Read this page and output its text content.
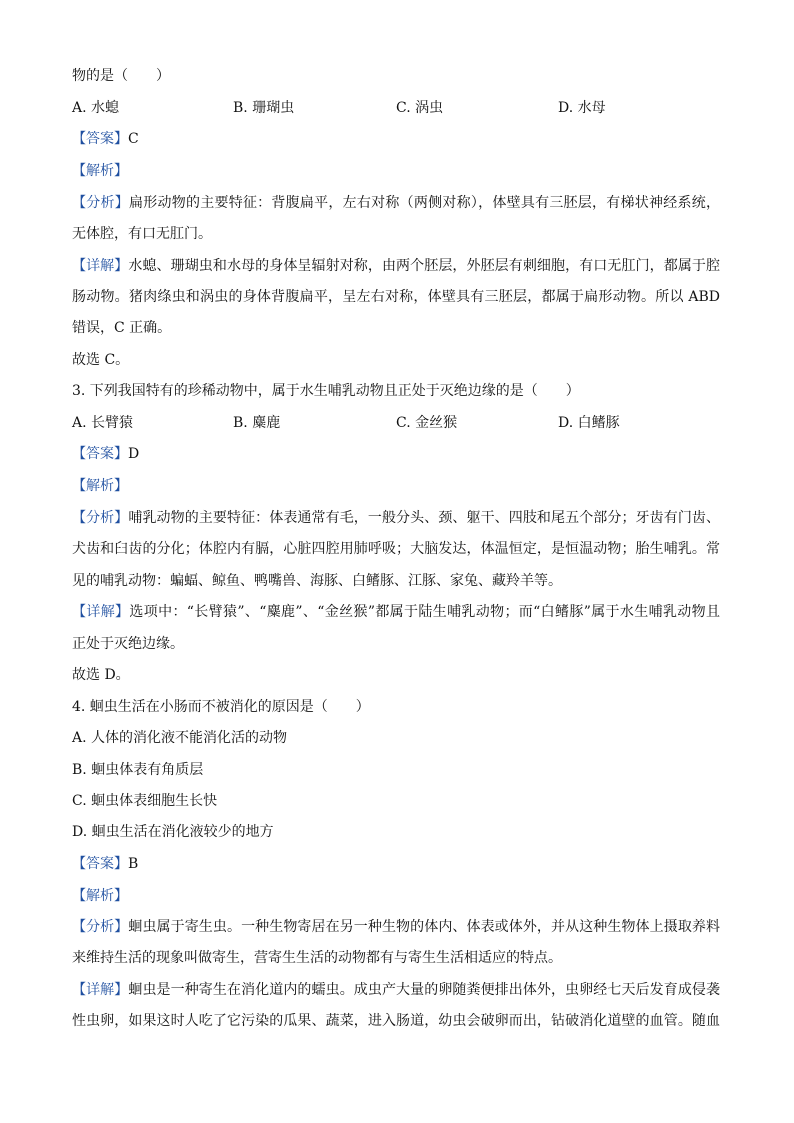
物的是（　　）
A. 水螅	B. 珊瑚虫	C. 涡虫	D. 水母
【答案】C
【解析】
【分析】扁形动物的主要特征：背腹扁平，左右对称（两侧对称），体壁具有三胚层，有梯状神经系统，
无体腔，有口无肛门。
【详解】水螅、珊瑚虫和水母的身体呈辐射对称，由两个胚层，外胚层有刺细胞，有口无肛门，都属于腔
肠动物。猪肉绦虫和涡虫的身体背腹扁平，呈左右对称，体壁具有三胚层，都属于扁形动物。所以 ABD
错误，C 正确。
故选 C。
3. 下列我国特有的珍稀动物中，属于水生哺乳动物且正处于灭绝边缘的是（　　）
A. 长臂猿	B. 麋鹿	C. 金丝猴	D. 白鳍豚
【答案】D
【解析】
【分析】哺乳动物的主要特征：体表通常有毛，一般分头、颈、躯干、四肢和尾五个部分；牙齿有门齿、
犬齿和臼齿的分化；体腔内有膈，心脏四腔用肺呼吸；大脑发达，体温恒定，是恒温动物；胎生哺乳。常
见的哺乳动物：蝙蝠、鲸鱼、鸭嘴兽、海豚、白鳍豚、江豚、家兔、藏羚羊等。
【详解】选项中：“长臂猿”、“麋鹿”、“金丝猴”都属于陆生哺乳动物；而“白鳍豚”属于水生哺乳动物且
正处于灭绝边缘。
故选 D。
4. 蛔虫生活在小肠而不被消化的原因是（　　）
A. 人体的消化液不能消化活的动物
B. 蛔虫体表有角质层
C. 蛔虫体表细胞生长快
D. 蛔虫生活在消化液较少的地方
【答案】B
【解析】
【分析】蛔虫属于寄生虫。一种生物寄居在另一种生物的体内、体表或体外，并从这种生物体上摄取养料
来维持生活的现象叫做寄生，营寄生生活的动物都有与寄生生活相适应的特点。
【详解】蛔虫是一种寄生在消化道内的蠕虫。成虫产大量的卵随粪便排出体外，虫卵经七天后发育成侵袭
性虫卵，如果这时人吃了它污染的瓜果、蔬菜，进入肠道，幼虫会破卵而出，钻破消化道壁的血管。随血
